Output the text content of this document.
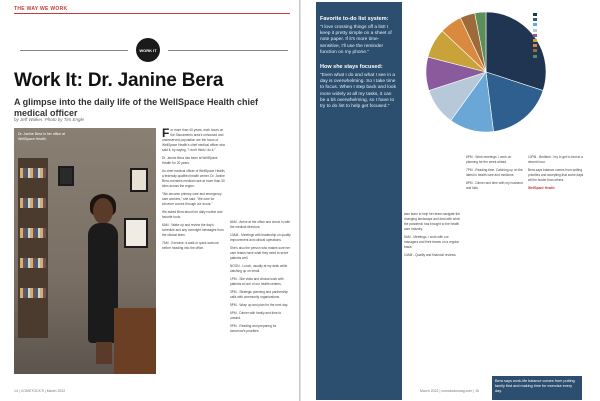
THE WAY WE WORK
WORK IT
Work It: Dr. Janine Bera
A glimpse into the daily life of the WellSpace Health chief medical officer
by Jeff Walker. Photo by Tim Engle
Dr. Janine Bera in her office at WellSpace Health.	For more than 40 years, work hours on the Sacramento area's unhoused and underserved population are the focus of WellSpace Health's chief medical officer who said it, by saying, "I don't think I do it."

Dr. Janine Bera has been at WellSpace Health for 20 years.

As chief medical officer of WellSpace Health, a federally qualified health center, Dr. Janine Bera oversees medical care at more than 30 sites across the region.

"We become primary care and emergency care workers," she said. "We care for whoever comes through our doors."

We asked Bera about her daily routine and favorite tools.

6AM - Wake up and review the day's schedule and any overnight messages from the clinical team.

7AM - Exercise: a walk or quick workout before heading into the office.

8AM - Arrive at the office and check in with the medical directors.

10AM - Meetings with leadership on quality improvement and clinical operations.

She's also the person who makes sure her care teams have what they need to serve patients well.

NOON - Lunch, usually at my desk while catching up on email.

1PM - Site visits and clinical work with patients at one of our health centers.

3PM - Strategic planning and partnership calls with community organizations.

5PM - Wrap up and plan for the next day.

6PM - Dinner with family and time to unwind.

9PM - Reading and preparing for tomorrow's priorities.

14 | COMSTOCK'S | March 2022
Favorite to-do list system:
"I love crossing things off a list! I keep it pretty simple on a sheet of note paper. If it's more time-sensitive, I'll use the reminder function on my phone."
How she stays focused:
"Even what I do and what I see in a day is overwhelming. So I take time to focus. When I step back and look more widely at all my tasks, it can be a bit overwhelming, so I have to try to do list to help get focused."

also learn to help her team navigate the changing landscape and deal with what the pandemic has brought to the health care industry.

9AM - Meetings. I work with our managers and their teams on a regular basis.

10AM - Quality and financial reviews.

6PM - Work meetings. I work on planning for the week ahead.

7PM - Reading time. Catching up on the latest in health care and medicine.

8PM - Dinner and time with my husband and kids.

10PM - Bedtime. I try to get to bed at a decent hour.

Bera says balance comes from setting priorities and accepting that some days will be busier than others.

WellSpace Health

Bera says work-life balance comes from putting family first and making time for exercise every day.
March 2022 | comstocksmag.com | 15
